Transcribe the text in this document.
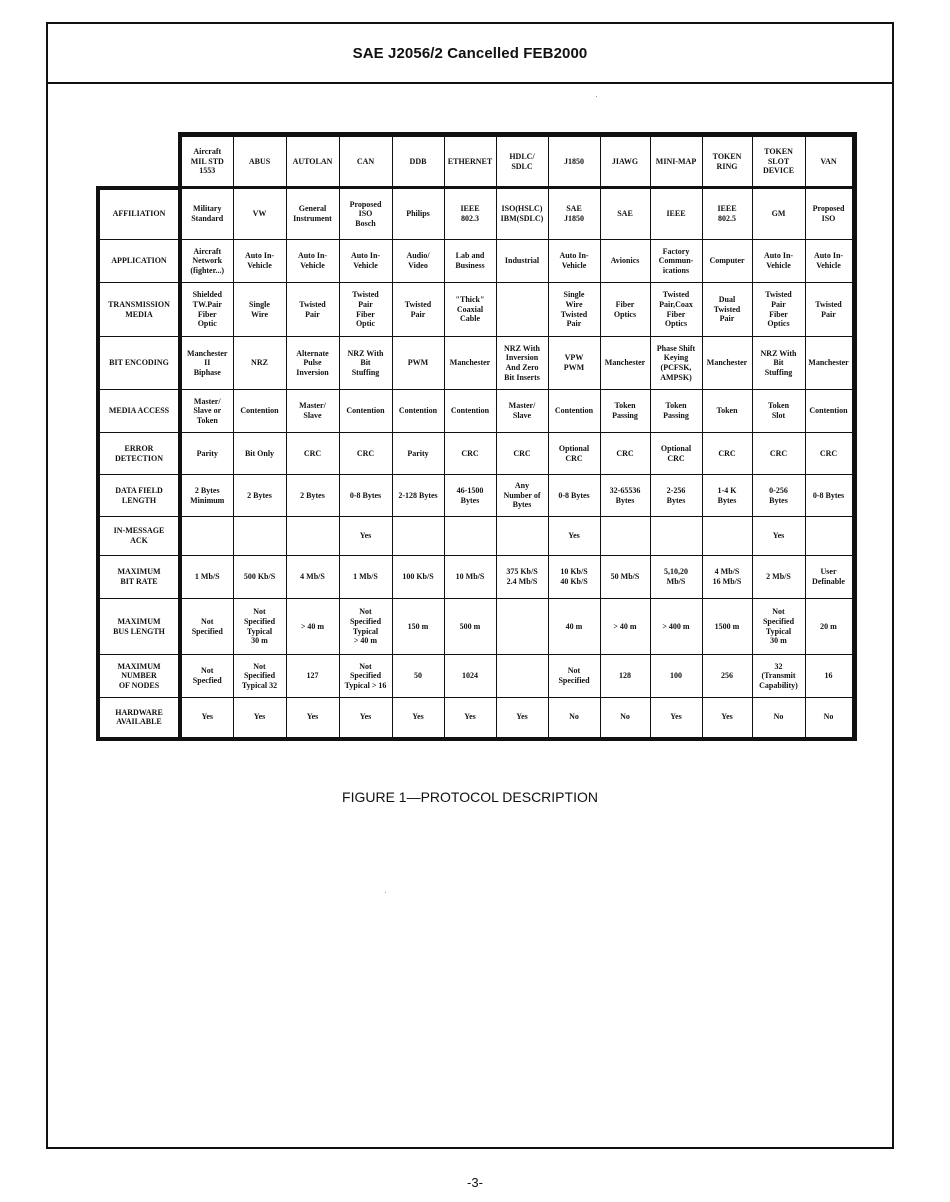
SAE J2056/2 Cancelled FEB2000
	Aircraft
MIL STD
1553	ABUS	AUTOLAN	CAN	DDB	ETHERNET	HDLC/
SDLC	J1850	JIAWG	MINI-MAP	TOKEN
RING	TOKEN
SLOT
DEVICE	VAN
AFFILIATION	Military
Standard	VW	General
Instrument	Proposed
ISO
Bosch	Philips	IEEE
802.3	ISO(HSLC)
IBM(SDLC)	SAE
J1850	SAE	IEEE	IEEE
802.5	GM	Proposed
ISO
APPLICATION	Aircraft
Network
(fighter...)	Auto In-
Vehicle	Auto In-
Vehicle	Auto In-
Vehicle	Audio/
Video	Lab and
Business	Industrial	Auto In-
Vehicle	Avionics	Factory
Commun-
ications	Computer	Auto In-
Vehicle	Auto In-
Vehicle
TRANSMISSION
MEDIA	Shielded
TW.Pair
Fiber
Optic	Single
Wire	Twisted
Pair	Twisted
Pair
Fiber
Optic	Twisted
Pair	"Thick"
Coaxial
Cable		Single
Wire
Twisted
Pair	Fiber
Optics	Twisted
Pair,Coax
Fiber
Optics	Dual
Twisted
Pair	Twisted
Pair
Fiber
Optics	Twisted
Pair
BIT ENCODING	Manchester
II
Biphase	NRZ	Alternate
Pulse
Inversion	NRZ With
Bit
Stuffing	PWM	Manchester	NRZ With
Inversion
And Zero
Bit Inserts	VPW
PWM	Manchester	Phase Shift
Keying
(PCFSK,
AMPSK)	Manchester	NRZ With
Bit
Stuffing	Manchester
MEDIA ACCESS	Master/
Slave or
Token	Contention	Master/
Slave	Contention	Contention	Contention	Master/
Slave	Contention	Token
Passing	Token
Passing	Token	Token
Slot	Contention
ERROR
DETECTION	Parity	Bit Only	CRC	CRC	Parity	CRC	CRC	Optional
CRC	CRC	Optional
CRC	CRC	CRC	CRC
DATA FIELD
LENGTH	2 Bytes
Minimum	2 Bytes	2 Bytes	0-8 Bytes	2-128 Bytes	46-1500
Bytes	Any
Number of
Bytes	0-8 Bytes	32-65536
Bytes	2-256
Bytes	1-4 K
Bytes	0-256
Bytes	0-8 Bytes
IN-MESSAGE
ACK				Yes				Yes				Yes	
MAXIMUM
BIT RATE	1 Mb/S	500 Kb/S	4 Mb/S	1 Mb/S	100 Kb/S	10 Mb/S	375 Kb/S
2.4 Mb/S	10 Kb/S
40 Kb/S	50 Mb/S	5,10,20
Mb/S	4 Mb/S
16 Mb/S	2 Mb/S	User
Definable
MAXIMUM
BUS LENGTH	Not
Specified	Not
Specified
Typical
30 m	> 40 m	Not
Specified
Typical
> 40 m	150 m	500 m		40 m	> 40 m	> 400 m	1500 m	Not
Specified
Typical
30 m	20 m
MAXIMUM
NUMBER
OF NODES	Not
Specfied	Not
Specified
Typical 32	127	Not
Specified
Typical > 16	50	1024		Not
Specified	128	100	256	32
(Transmit
Capability)	16
HARDWARE
AVAILABLE	Yes	Yes	Yes	Yes	Yes	Yes	Yes	No	No	Yes	Yes	No	No
FIGURE 1—PROTOCOL DESCRIPTION
-3-
